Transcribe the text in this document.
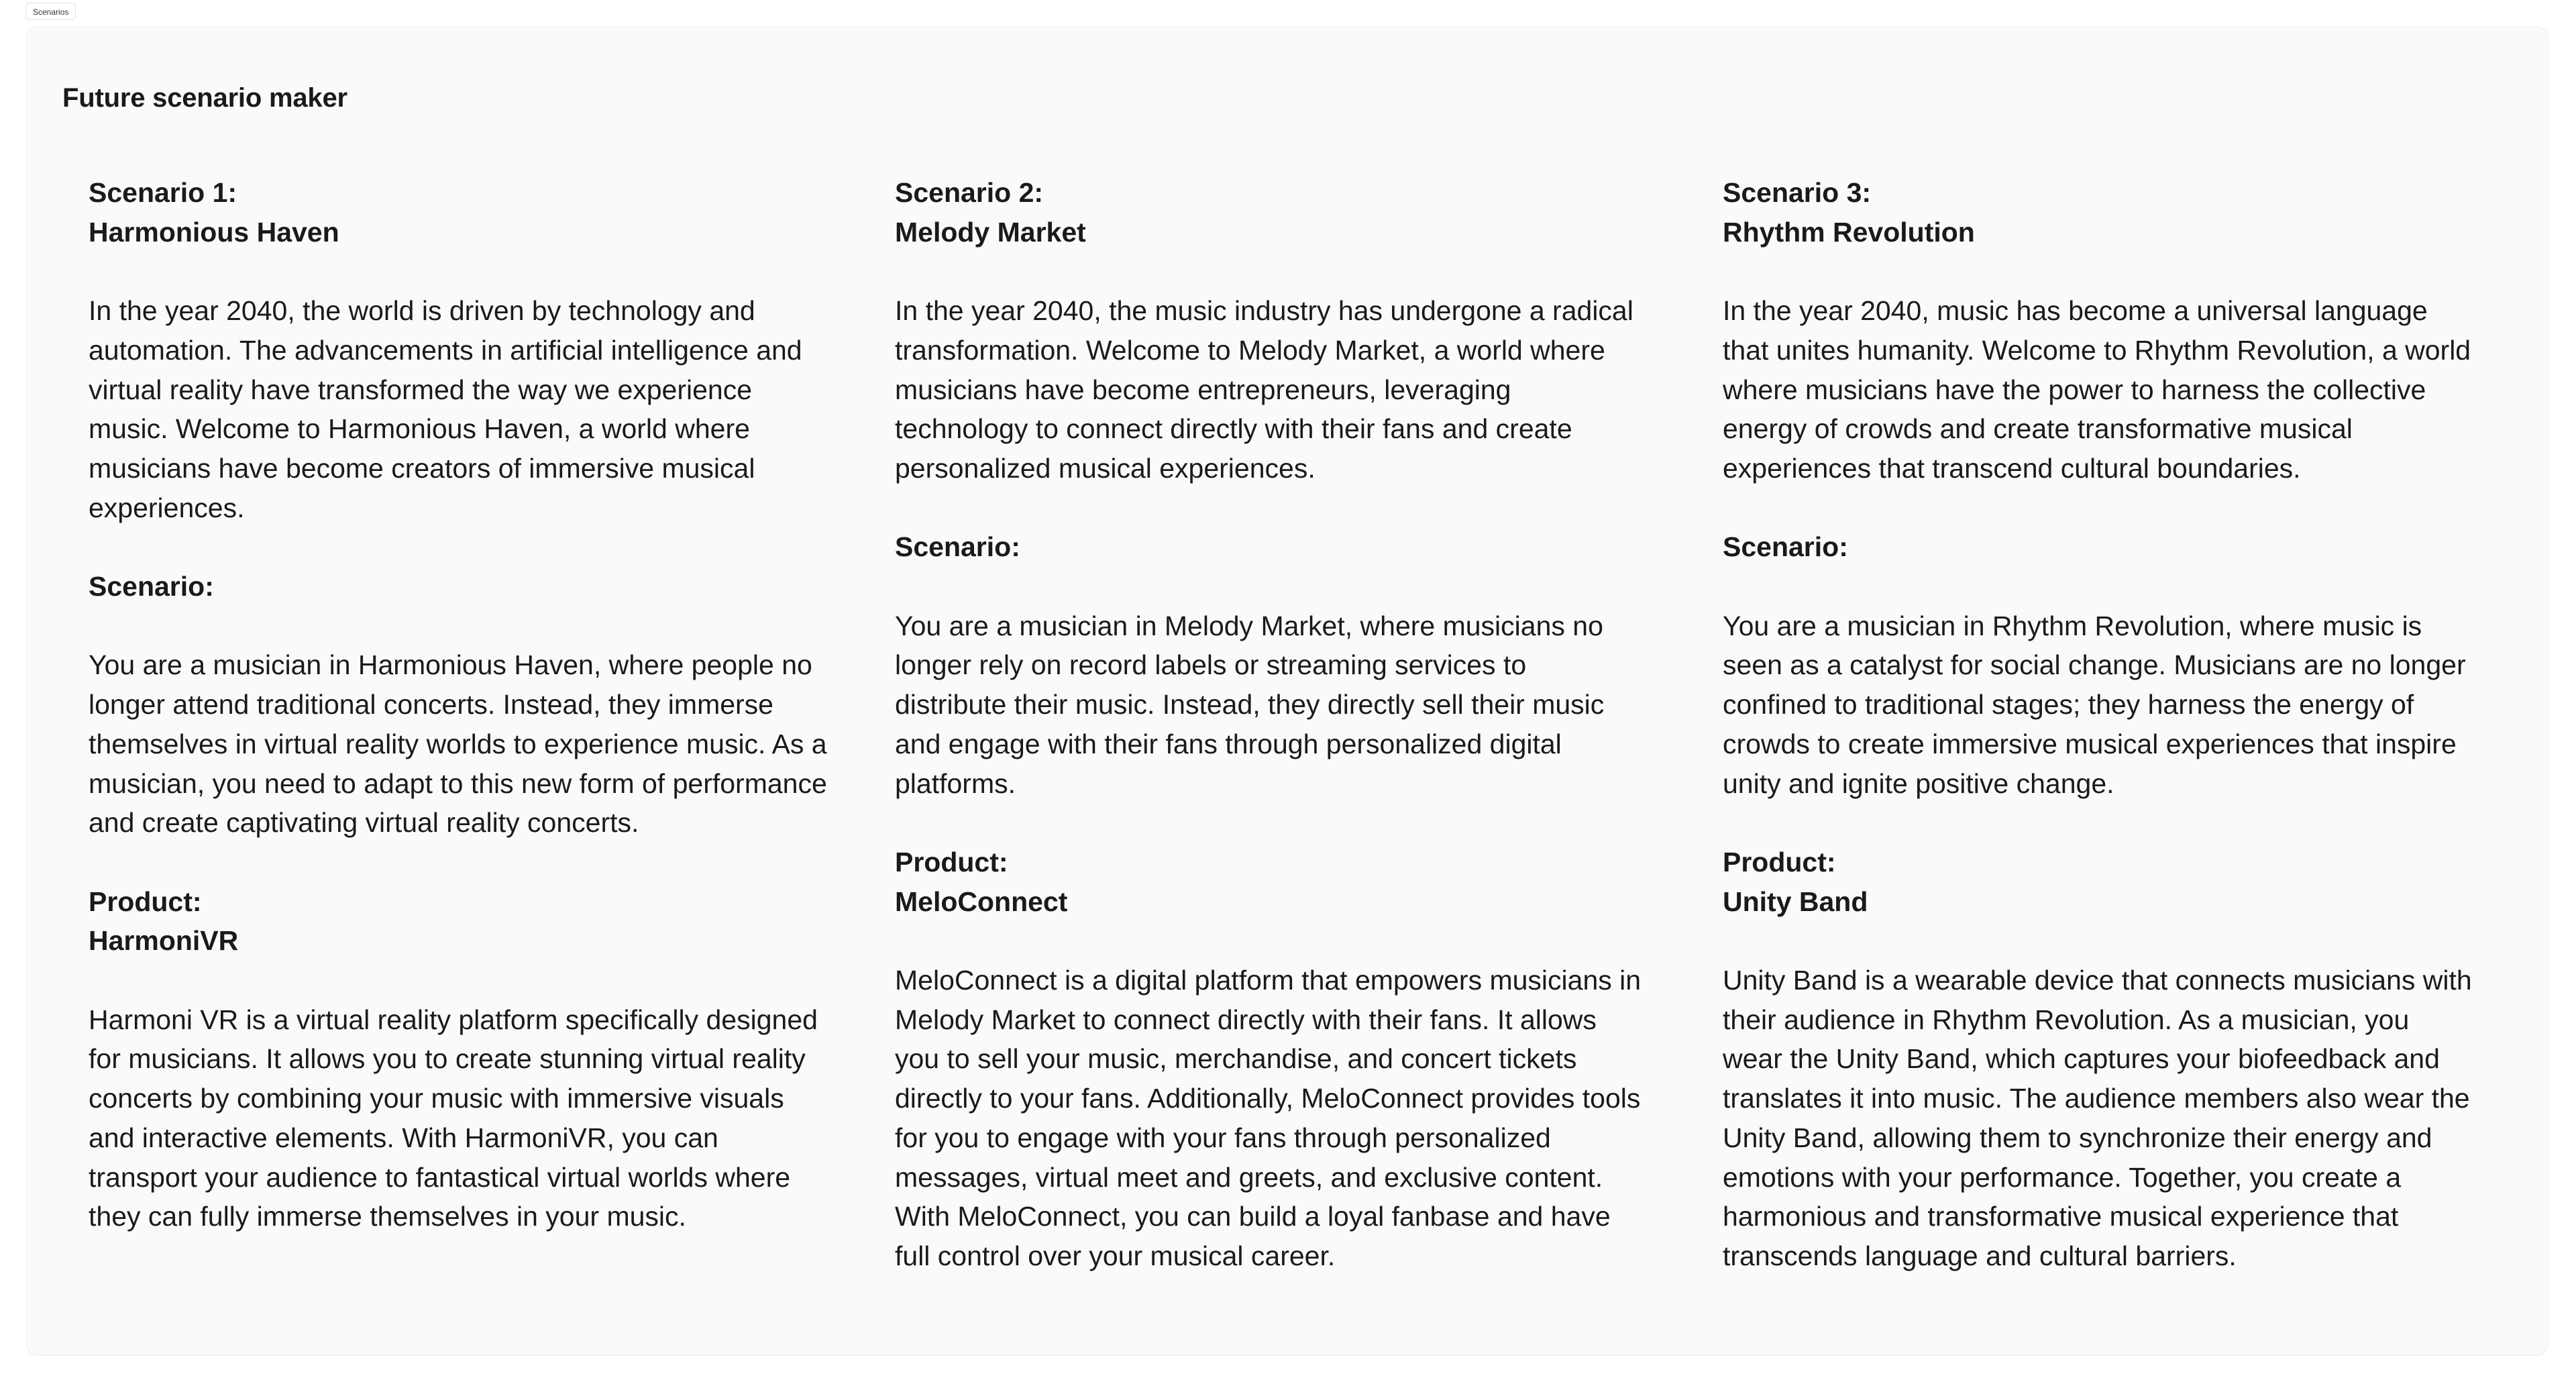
Scenarios
Future scenario maker

Scenario 1:
Harmonious Haven

In the year 2040, the world is driven by technology and automation. The advancements in artificial intelligence and virtual reality have transformed the way we experience music. Welcome to Harmonious Haven, a world where musicians have become creators of immersive musical experiences.

Scenario:

You are a musician in Harmonious Haven, where people no longer attend traditional concerts. Instead, they immerse themselves in virtual reality worlds to experience music. As a musician, you need to adapt to this new form of performance and create captivating virtual reality concerts.

Product:
HarmoniVR

Harmoni VR is a virtual reality platform specifically designed for musicians. It allows you to create stunning virtual reality concerts by combining your music with immersive visuals and interactive elements. With HarmoniVR, you can transport your audience to fantastical virtual worlds where they can fully immerse themselves in your music.

Scenario 2:
Melody Market

In the year 2040, the music industry has undergone a radical transformation. Welcome to Melody Market, a world where musicians have become entrepreneurs, leveraging technology to connect directly with their fans and create personalized musical experiences.

Scenario:

You are a musician in Melody Market, where musicians no longer rely on record labels or streaming services to distribute their music. Instead, they directly sell their music and engage with their fans through personalized digital platforms.

Product:
MeloConnect

MeloConnect is a digital platform that empowers musicians in Melody Market to connect directly with their fans. It allows you to sell your music, merchandise, and concert tickets directly to your fans. Additionally, MeloConnect provides tools for you to engage with your fans through personalized messages, virtual meet and greets, and exclusive content. With MeloConnect, you can build a loyal fanbase and have full control over your musical career.

Scenario 3:
Rhythm Revolution

In the year 2040, music has become a universal language that unites humanity. Welcome to Rhythm Revolution, a world where musicians have the power to harness the collective energy of crowds and create transformative musical experiences that transcend cultural boundaries.

Scenario:

You are a musician in Rhythm Revolution, where music is seen as a catalyst for social change. Musicians are no longer confined to traditional stages; they harness the energy of crowds to create immersive musical experiences that inspire unity and ignite positive change.

Product:
Unity Band

Unity Band is a wearable device that connects musicians with their audience in Rhythm Revolution. As a musician, you wear the Unity Band, which captures your biofeedback and translates it into music. The audience members also wear the Unity Band, allowing them to synchronize their energy and emotions with your performance. Together, you create a harmonious and transformative musical experience that transcends language and cultural barriers.
